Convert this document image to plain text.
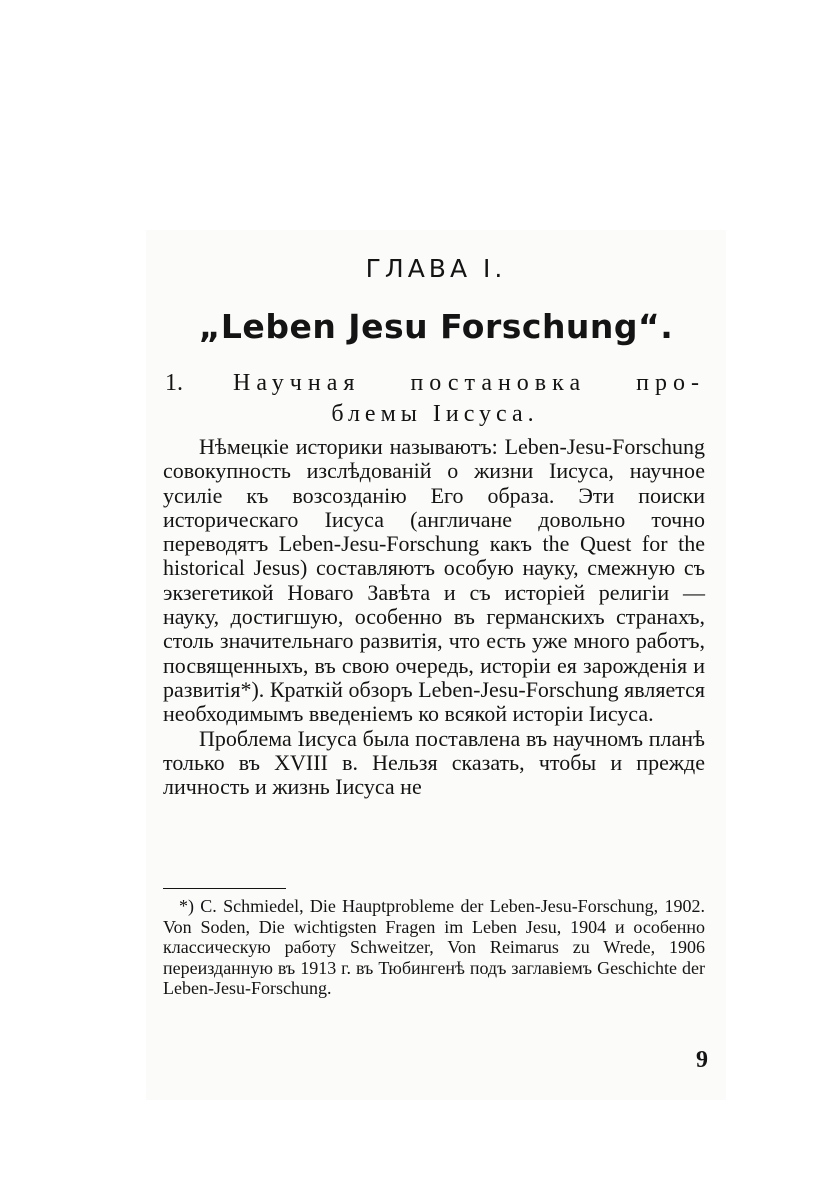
ГЛАВА I.
„Leben Jesu Forschung“.
1. Научная постановка про-
блемы Iисуса.

Нѣмецкіе историки называютъ: Leben-Jesu-Forschung совокупность изслѣдованій о жизни Iисуса, научное усиліе къ возсозданію Его образа. Эти поиски историческаго Iисуса (англичане довольно точно переводятъ Leben-Jesu-Forschung какъ the Quest for the historical Jesus) составляютъ особую науку, смежную съ экзегетикой Новаго Завѣта и съ исторіей религіи — науку, достигшую, особенно въ германскихъ странахъ, столь значительнаго развитія, что есть уже много работъ, посвященныхъ, въ свою очередь, исторіи ея зарожденія и развитія*). Краткій обзоръ Leben-Jesu-Forschung является необходимымъ введеніемъ ко всякой исторіи Iисуса.

Проблема Iисуса была поставлена въ научномъ планѣ только въ XVIII в. Нельзя сказать, чтобы и прежде личность и жизнь Iисуса не

*) C. Schmiedel, Die Hauptprobleme der Leben-Jesu-Forschung, 1902. Von Soden, Die wichtigsten Fragen im Leben Jesu, 1904 и особенно классическую работу Schweitzer, Von Reimarus zu Wrede, 1906 переизданную въ 1913 г. въ Тюбингенѣ подъ заглавіемъ Geschichte der Leben-Jesu-Forschung.

9
